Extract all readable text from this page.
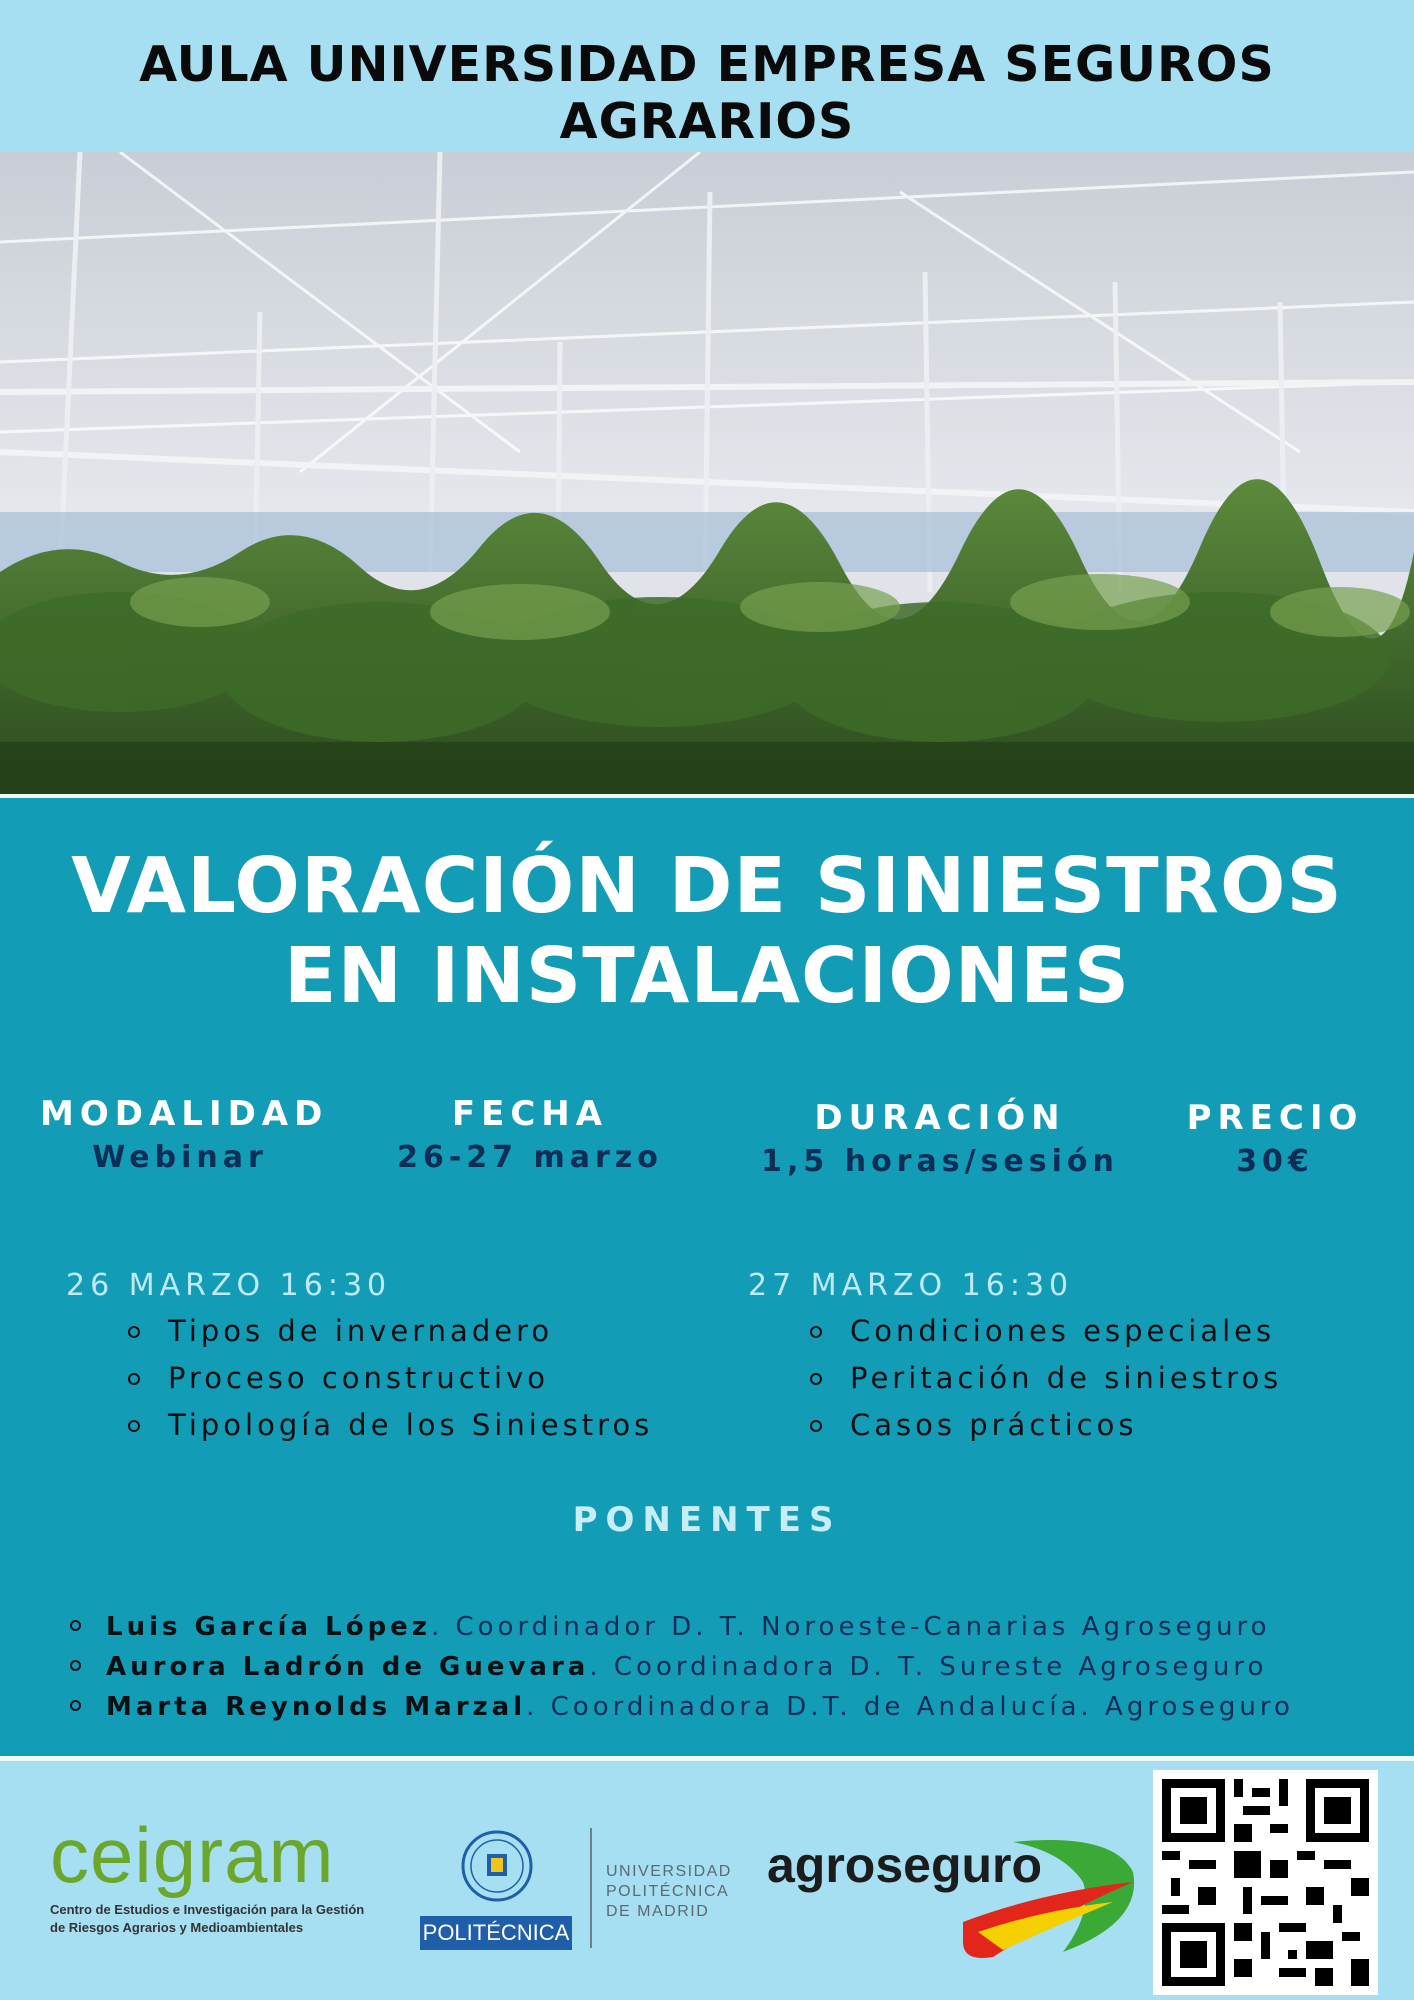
AULA UNIVERSIDAD EMPRESA SEGUROS AGRARIOS
VALORACIÓN DE SINIESTROS
EN INSTALACIONES
MODALIDAD
Webinar
FECHA
26-27 marzo
DURACIÓN
1,5 horas/sesión
PRECIO
30€
26 MARZO 16:30
Tipos de invernadero
Proceso constructivo
Tipología de los Siniestros
27 MARZO 16:30
Condiciones especiales
Peritación de siniestros
Casos prácticos
PONENTES
Luis García López. Coordinador D. T. Noroeste-Canarias Agroseguro
Aurora Ladrón de Guevara. Coordinadora D. T. Sureste Agroseguro
Marta Reynolds Marzal. Coordinadora D.T. de Andalucía. Agroseguro
ceigram
Centro de Estudios e Investigación para la Gestión
de Riesgos Agrarios y Medioambientales	POLITÉCNICA
UNIVERSIDAD
POLITÉCNICA
DE MADRID
agroseguro
